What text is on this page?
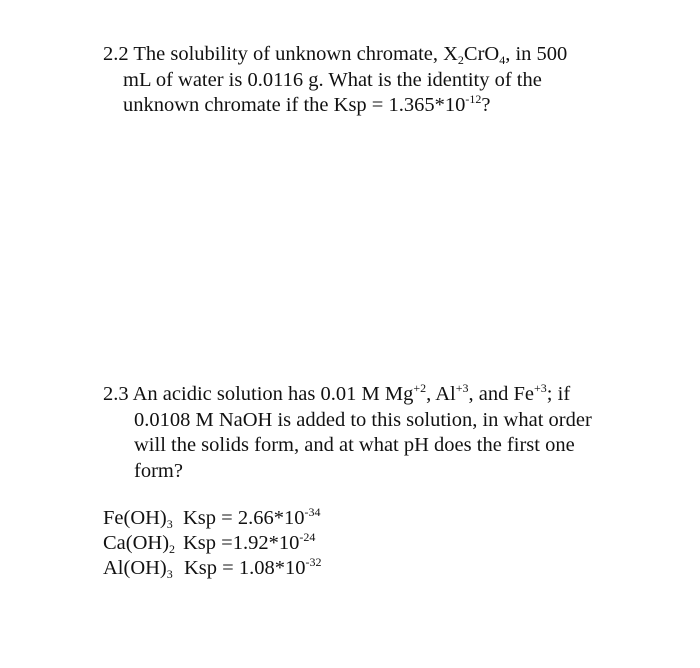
2.2 The solubility of unknown chromate, $X_2CrO_4$, in 500
mL of water is 0.0116 g. What is the identity of the
unknown chromate if the Ksp = $1.365*10^{-12}$?
2.3 An acidic solution has 0.01 M $Mg^{+2}$, $Al^{+3}$, and $Fe^{+3}$; if
0.0108 M NaOH is added to this solution, in what order
will the solids form, and at what pH does the first one
form?
$Fe(OH)_3$ Ksp = $2.66*10^{-34}$
$Ca(OH)_2$ Ksp $=1.92*10^{-24}$
$Al(OH)_3$ Ksp = $1.08*10^{-32}$
